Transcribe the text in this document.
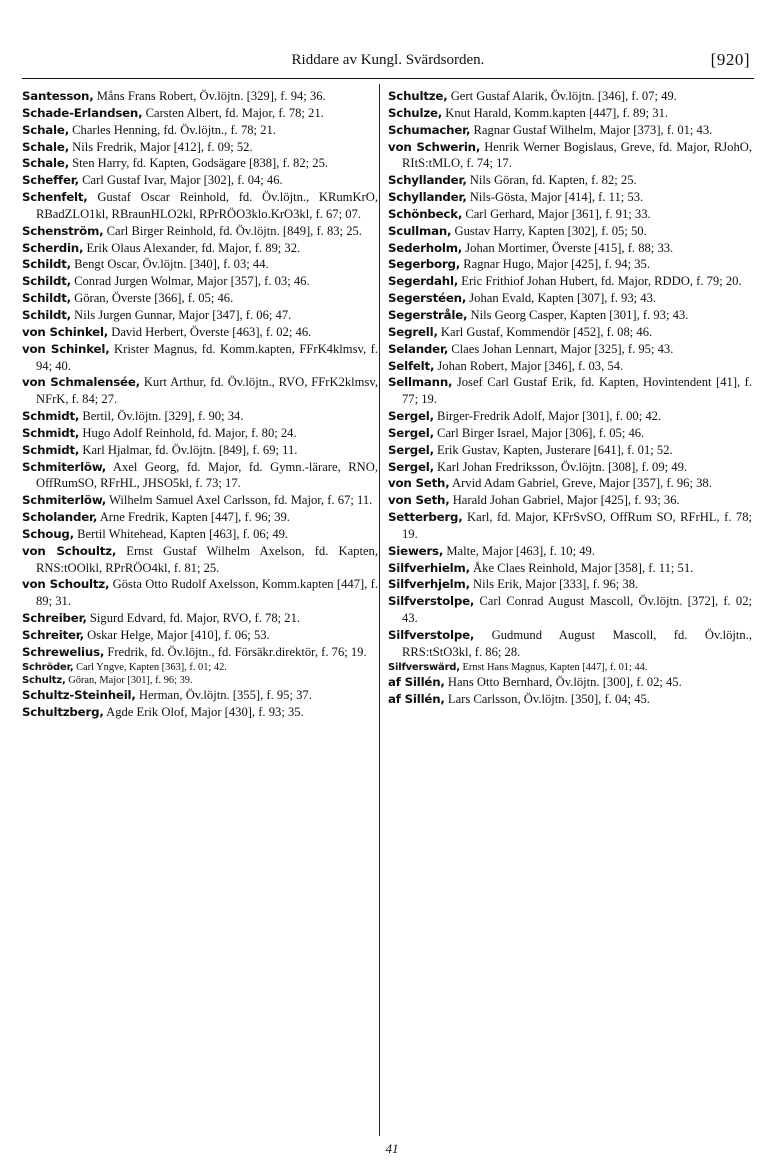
Riddare av Kungl. Svärdsorden.	[920]

Santesson, Måns Frans Robert, Öv.löjtn. [329], f. 94; 36.

Schade-Erlandsen, Carsten Albert, fd. Major, f. 78; 21.

Schale, Charles Henning, fd. Öv.löjtn., f. 78; 21.

Schale, Nils Fredrik, Major [412], f. 09; 52.

Schale, Sten Harry, fd. Kapten, Godsägare [838], f. 82; 25.

Scheffer, Carl Gustaf Ivar, Major [302], f. 04; 46.

Schenfelt, Gustaf Oscar Reinhold, fd. Öv.löjtn., KRumKrO, RBadZLO1kl, RBraunHLO2kl, RPrRÖO3klo.KrO3kl, f. 67; 07.

Schenström, Carl Birger Reinhold, fd. Öv.löjtn. [849], f. 83; 25.

Scherdin, Erik Olaus Alexander, fd. Major, f. 89; 32.

Schildt, Bengt Oscar, Öv.löjtn. [340], f. 03; 44.

Schildt, Conrad Jurgen Wolmar, Major [357], f. 03; 46.

Schildt, Göran, Överste [366], f. 05; 46.

Schildt, Nils Jurgen Gunnar, Major [347], f. 06; 47.

von Schinkel, David Herbert, Överste [463], f. 02; 46.

von Schinkel, Krister Magnus, fd. Komm.kapten, FFrK4klmsv, f. 94; 40.

von Schmalensée, Kurt Arthur, fd. Öv.löjtn., RVO, FFrK2klmsv, NFrK, f. 84; 27.

Schmidt, Bertil, Öv.löjtn. [329], f. 90; 34.

Schmidt, Hugo Adolf Reinhold, fd. Major, f. 80; 24.

Schmidt, Karl Hjalmar, fd. Öv.löjtn. [849], f. 69; 11.

Schmiterlöw, Axel Georg, fd. Major, fd. Gymn.-lärare, RNO, OffRumSO, RFrHL, JHSO5kl, f. 73; 17.

Schmiterlöw, Wilhelm Samuel Axel Carlsson, fd. Major, f. 67; 11.

Scholander, Arne Fredrik, Kapten [447], f. 96; 39.

Schoug, Bertil Whitehead, Kapten [463], f. 06; 49.

von Schoultz, Ernst Gustaf Wilhelm Axelson, fd. Kapten, RNS:tOOlkl, RPrRÖO4kl, f. 81; 25.

von Schoultz, Gösta Otto Rudolf Axelsson, Komm.kapten [447], f. 89; 31.

Schreiber, Sigurd Edvard, fd. Major, RVO, f. 78; 21.

Schreiter, Oskar Helge, Major [410], f. 06; 53.

Schrewelius, Fredrik, fd. Öv.löjtn., fd. Försäkr.direktör, f. 76; 19.

Schröder, Carl Yngve, Kapten [363], f. 01; 42.

Schultz, Göran, Major [301], f. 96; 39.

Schultz-Steinheil, Herman, Öv.löjtn. [355], f. 95; 37.

Schultzberg, Agde Erik Olof, Major [430], f. 93; 35.

Schultze, Gert Gustaf Alarik, Öv.löjtn. [346], f. 07; 49.

Schulze, Knut Harald, Komm.kapten [447], f. 89; 31.

Schumacher, Ragnar Gustaf Wilhelm, Major [373], f. 01; 43.

von Schwerin, Henrik Werner Bogislaus, Greve, fd. Major, RJohO, RItS:tMLO, f. 74; 17.

Schyllander, Nils Göran, fd. Kapten, f. 82; 25.

Schyllander, Nils-Gösta, Major [414], f. 11; 53.

Schönbeck, Carl Gerhard, Major [361], f. 91; 33.

Scullman, Gustav Harry, Kapten [302], f. 05; 50.

Sederholm, Johan Mortimer, Överste [415], f. 88; 33.

Segerborg, Ragnar Hugo, Major [425], f. 94; 35.

Segerdahl, Eric Frithiof Johan Hubert, fd. Major, RDDO, f. 79; 20.

Segerstéen, Johan Evald, Kapten [307], f. 93; 43.

Segerstråle, Nils Georg Casper, Kapten [301], f. 93; 43.

Segrell, Karl Gustaf, Kommendör [452], f. 08; 46.

Selander, Claes Johan Lennart, Major [325], f. 95; 43.

Selfelt, Johan Robert, Major [346], f. 03, 54.

Sellmann, Josef Carl Gustaf Erik, fd. Kapten, Hovintendent [41], f. 77; 19.

Sergel, Birger-Fredrik Adolf, Major [301], f. 00; 42.

Sergel, Carl Birger Israel, Major [306], f. 05; 46.

Sergel, Erik Gustav, Kapten, Justerare [641], f. 01; 52.

Sergel, Karl Johan Fredriksson, Öv.löjtn. [308], f. 09; 49.

von Seth, Arvid Adam Gabriel, Greve, Major [357], f. 96; 38.

von Seth, Harald Johan Gabriel, Major [425], f. 93; 36.

Setterberg, Karl, fd. Major, KFrSvSO, OffRum SO, RFrHL, f. 78; 19.

Siewers, Malte, Major [463], f. 10; 49.

Silfverhielm, Åke Claes Reinhold, Major [358], f. 11; 51.

Silfverhjelm, Nils Erik, Major [333], f. 96; 38.

Silfverstolpe, Carl Conrad August Mascoll, Öv.löjtn. [372], f. 02; 43.

Silfverstolpe, Gudmund August Mascoll, fd. Öv.löjtn., RRS:tStO3kl, f. 86; 28.

Silfverswärd, Ernst Hans Magnus, Kapten [447], f. 01; 44.

af Sillén, Hans Otto Bernhard, Öv.löjtn. [300], f. 02; 45.

af Sillén, Lars Carlsson, Öv.löjtn. [350], f. 04; 45.

41
